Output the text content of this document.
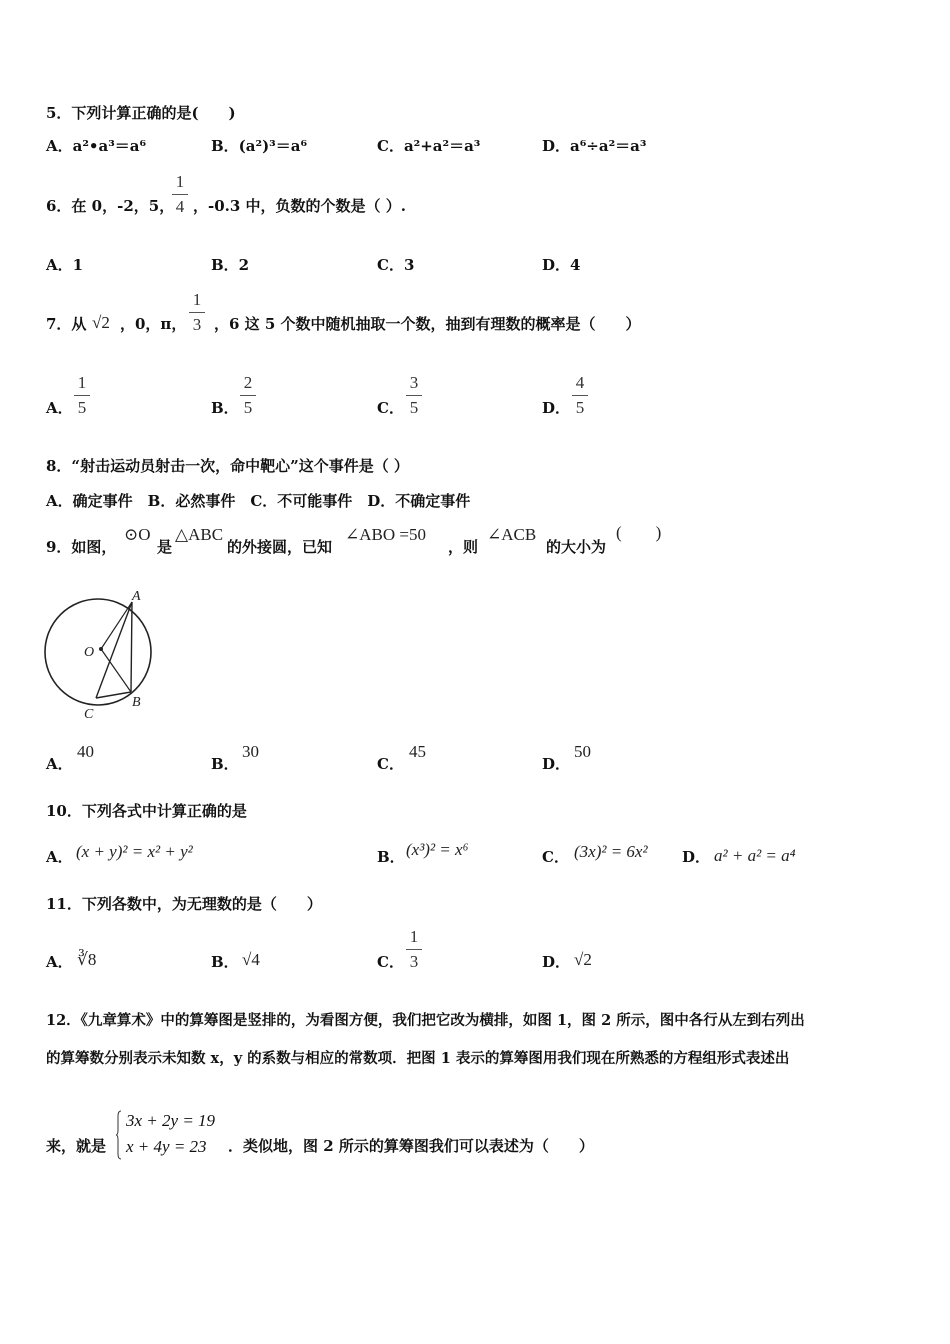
5．下列计算正确的是(　　)
A．a²•a³＝a⁶	B．(a²)³＝a⁶	C．a²+a²＝a³	D．a⁶÷a²＝a³
6．在 0，-2，5，
1
4 ，-0.3 中，负数的个数是（ ）.
A．1	B．2	C．3	D．4
7．从 √2 ，0，π，
1
3 ，6 这 5 个数中随机抽取一个数，抽到有理数的概率是（　　）
A．
1
5	B．
2
5	C．
3
5	D．
4
5
8．“射击运动员射击一次，命中靶心”这个事件是（ ）
A．确定事件　B．必然事件　C．不可能事件　D．不确定事件
9．如图，
⊙O
是
△ABC
的外接圆，已知
∠ABO =50
，则
∠ACB
的大小为
(　　)
A
O
B
C
A．
40
B．
30
C．
45
D．
50
10．下列各式中计算正确的是
A． (x + y)² = x² + y²	B． (x³)² = x⁶	C． (3x)² = 6x² D． a² + a² = a⁴
11．下列各数中，为无理数的是（　　）
A． ∛8	B． √4	C．
1
3	D． √2
12．《九章算术》中的算筹图是竖排的，为看图方便，我们把它改为横排，如图 1，图 2 所示，图中各行从左到右列出
的算筹数分别表示未知数 x，y 的系数与相应的常数项．把图 1 表示的算筹图用我们现在所熟悉的方程组形式表述出
来，就是
3x + 2y = 19
x + 4y = 23	．类似地，图 2 所示的算筹图我们可以表述为（　　）
